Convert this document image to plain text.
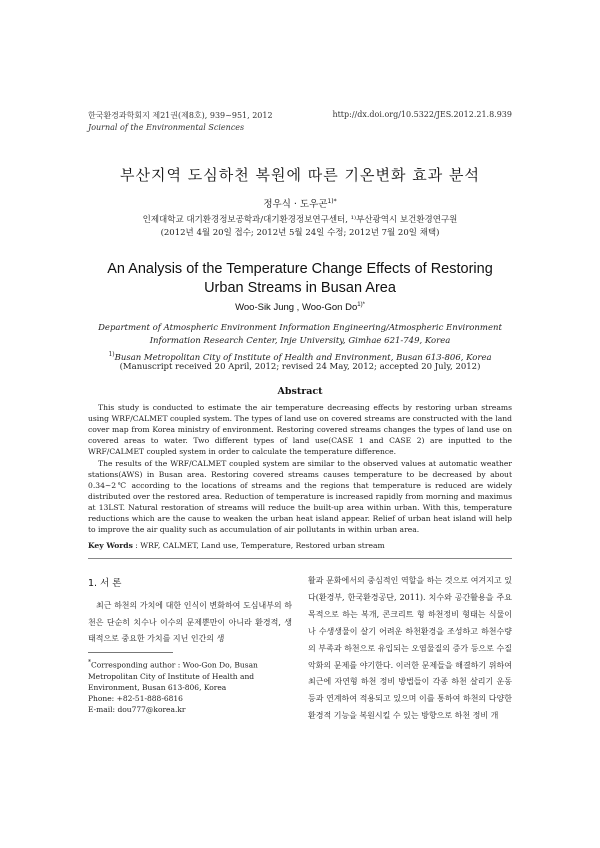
한국환경과학회지 제21권(제8호), 939~951, 2012
Journal of the Environmental Sciences
http://dx.doi.org/10.5322/JES.2012.21.8.939
부산지역 도심하천 복원에 따른 기온변화 효과 분석
정우식 · 도우곤$^{1)*}$
인제대학교 대기환경정보공학과/대기환경정보연구센터, ¹⁾부산광역시 보건환경연구원
(2012년 4월 20일 접수; 2012년 5월 24일 수정; 2012년 7월 20일 채택)
An Analysis of the Temperature Change Effects of Restoring
Urban Streams in Busan Area
Woo-Sik Jung , Woo-Gon $Do^{1)*}$
Department of Atmospheric Environment Information Engineering/Atmospheric Environment Information Research Center, Inje University, Gimhae 621-749, Korea
$^{1)}$Busan Metropolitan City of Institute of Health and Environment, Busan 613-806, Korea
(Manuscript received 20 April, 2012; revised 24 May, 2012; accepted 20 July, 2012)
Abstract

This study is conducted to estimate the air temperature decreasing effects by restoring urban streams using WRF/CALMET coupled system. The types of land use on covered streams are constructed with the land cover map from Korea ministry of environment. Restoring covered streams changes the types of land use on covered areas to water. Two different types of land use(CASE 1 and CASE 2) are inputted to the WRF/CALMET coupled system in order to calculate the temperature difference.

The results of the WRF/CALMET coupled system are similar to the observed values at automatic weather stations(AWS) in Busan area. Restoring covered streams causes temperature to be decreased by about 0.34~2℃ according to the locations of streams and the regions that temperature is reduced are widely distributed over the restored area. Reduction of temperature is increased rapidly from morning and maximus at 13LST. Natural restoration of streams will reduce the built-up area within urban. With this, temperature reductions which are the cause to weaken the urban heat island appear. Relief of urban heat island will help to improve the air quality such as accumulation of air pollutants in within urban area.

Key Words : WRF, CALMET, Land use, Temperature, Restored urban stream
1. 서 론

최근 하천의 가치에 대한 인식이 변화하여 도심내부의 하천은 단순히 치수나 이수의 문제뿐만이 아니라 환경적, 생태적으로 중요한 가치를 지닌 인간의 생

*Corresponding author : Woo-Gon Do, Busan Metropolitan City of Institute of Health and Environment, Busan 613-806, Korea

Phone: +82-51-888-6816

E-mail: dou777@korea.kr

활과 문화에서의 중심적인 역할을 하는 것으로 여겨지고 있다(환경부, 한국환경공단, 2011). 치수와 공간활용을 주요 목적으로 하는 복개, 콘크리트 형 하천정비 형태는 식물이나 수생생물이 살기 어려운 하천환경을 조성하고 하천수량의 부족과 하천으로 유입되는 오염물질의 증가 등으로 수질악화의 문제를 야기한다. 이러한 문제들을 해결하기 위하여 최근에 자연형 하천 정비 방법들이 각종 하천 살리기 운동 등과 연계하여 적용되고 있으며 이를 통하여 하천의 다양한 환경적 기능을 복원시킬 수 있는 방향으로 하천 정비 개
